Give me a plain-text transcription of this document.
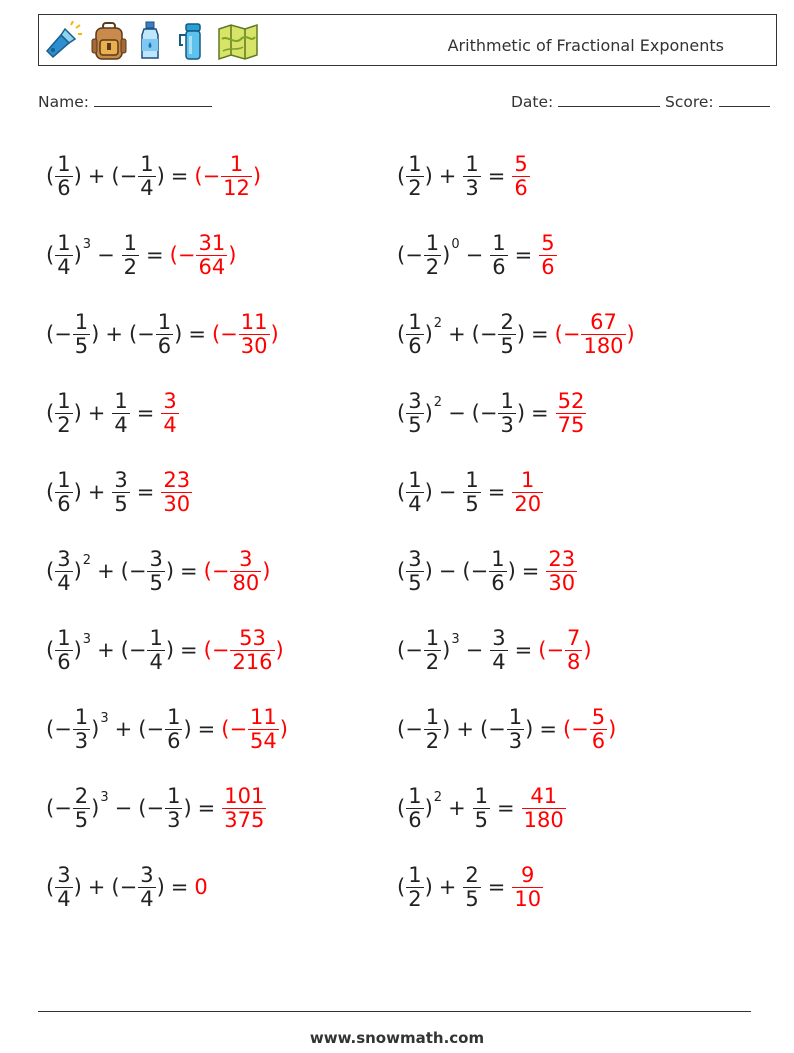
Arithmetic of Fractional Exponents
Name:	Date:	Score:
( $\frac{1}{6}$ ) + (− $\frac{1}{4}$ ) = (− $\frac{1}{12}$ )	( $\frac{1}{2}$ ) + $\frac{1}{3} = \frac{5}{6}$
( $\frac{1}{4}$ ) $3 - \frac{1}{2}$ = (− $\frac{31}{64}$ )	(− $\frac{1}{2}$ ) $0 - \frac{1}{6} = \frac{5}{6}$
(− $\frac{1}{5}$ ) + (− $\frac{1}{6}$ ) = (− $\frac{11}{30}$ )	( $\frac{1}{6}$ ) 2 + (− $\frac{2}{5}$ ) = (− $\frac{67}{180}$ )
( $\frac{1}{2}$ ) + $\frac{1}{4} = \frac{3}{4}$	( $\frac{3}{5}$ ) 2 − (− $\frac{1}{3}$ ) = $\frac{52}{75}$
( $\frac{1}{6}$ ) + $\frac{3}{5} = \frac{23}{30}$	( $\frac{1}{4}$ ) − $\frac{1}{5} = \frac{1}{20}$
( $\frac{3}{4}$ ) 2 + (− $\frac{3}{5}$ ) = (− $\frac{3}{80}$ )	( $\frac{3}{5}$ ) − (− $\frac{1}{6}$ ) = $\frac{23}{30}$
( $\frac{1}{6}$ ) 3 + (− $\frac{1}{4}$ ) = (− $\frac{53}{216}$ )	(− $\frac{1}{2}$ ) $3 - \frac{3}{4}$ = (− $\frac{7}{8}$ )
(− $\frac{1}{3}$ ) 3 + (− $\frac{1}{6}$ ) = (− $\frac{11}{54}$ )	(− $\frac{1}{2}$ ) + (− $\frac{1}{3}$ ) = (− $\frac{5}{6}$ )
(− $\frac{2}{5}$ ) 3 − (− $\frac{1}{3}$ ) = $\frac{101}{375}$	( $\frac{1}{6}$ ) $2 + \frac{1}{5} = \frac{41}{180}$
( $\frac{3}{4}$ ) + (− $\frac{3}{4}$ ) = 0	( $\frac{1}{2}$ ) + $\frac{2}{5} = \frac{9}{10}$
www.snowmath.com
